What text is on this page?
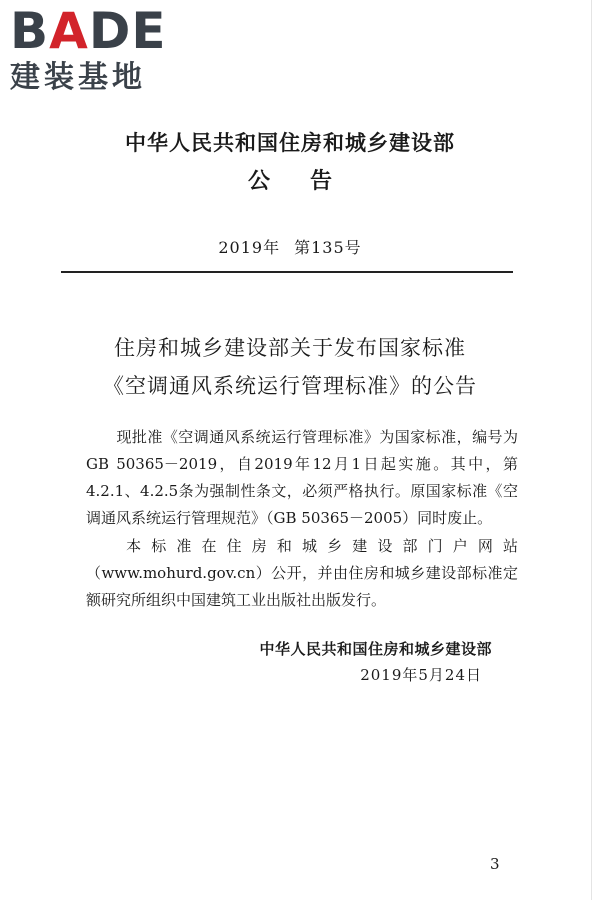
BADE
建装基地
中华人民共和国住房和城乡建设部
公告
2019年 第135号
住房和城乡建设部关于发布国家标准
《空调通风系统运行管理标准》的公告

现批准《空调通风系统运行管理标准》为国家标准，编号为GB 50365－2019，自2019年12月1日起实施。其中，第4.2.1、4.2.5条为强制性条文，必须严格执行。原国家标准《空调通风系统运行管理规范》（GB 50365－2005）同时废止。

本标准在住房和城乡建设部门户网站（www.mohurd.gov.cn）公开，并由住房和城乡建设部标准定额研究所组织中国建筑工业出版社出版发行。

中华人民共和国住房和城乡建设部
2019年5月24日
3
